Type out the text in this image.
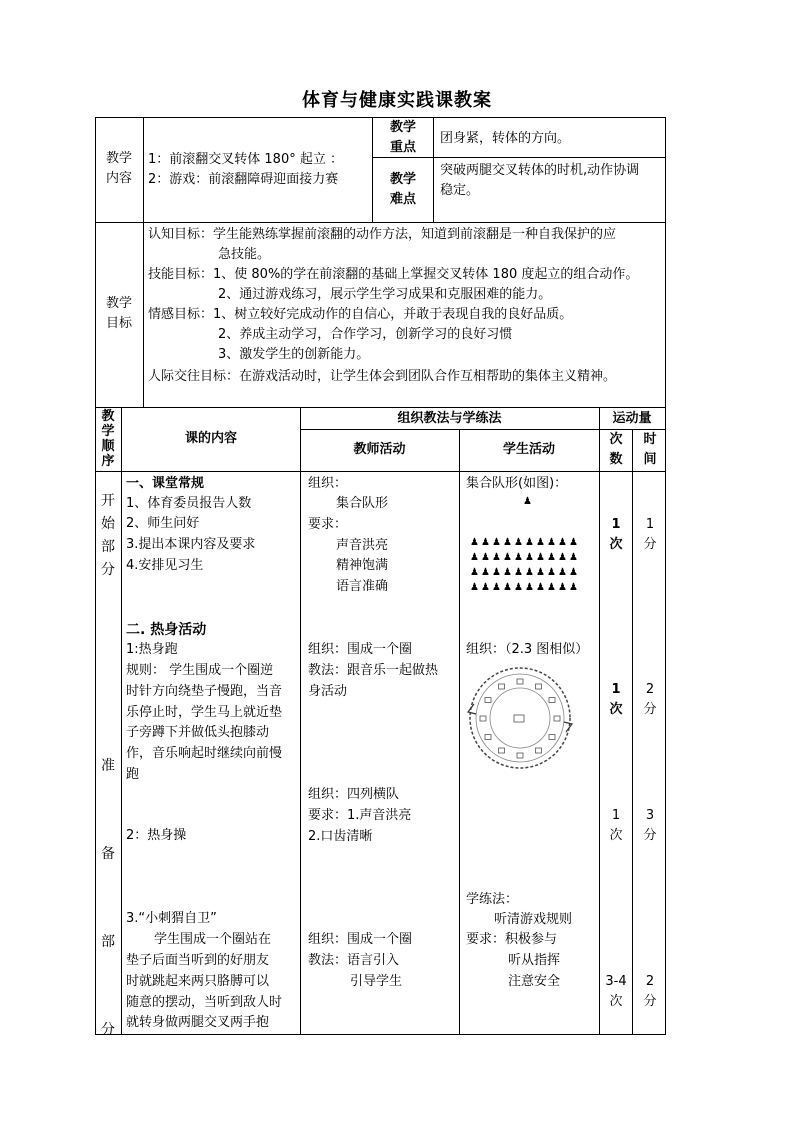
体育与健康实践课教案
教学内容
1：前滚翻交叉转体 180° 起立 ：
2：游戏：前滚翻障碍迎面接力赛
教学重点
团身紧，转体的方向。
教学难点
突破两腿交叉转体的时机,动作协调
稳定。
教学目标
认知目标：学生能熟练掌握前滚翻的动作方法，知道到前滚翻是一种自我保护的应
急技能。
技能目标：1、使 80%的学在前滚翻的基础上掌握交叉转体 180 度起立的组合动作。
2、通过游戏练习，展示学生学习成果和克服困难的能力。
情感目标：1、树立较好完成动作的自信心，并敢于表现自我的良好品质。
2、养成主动学习，合作学习，创新学习的良好习惯
3、激发学生的创新能力。
人际交往目标：在游戏活动时，让学生体会到团队合作互相帮助的集体主义精神。
教学顺序
课的内容
组织教法与学练法
教师活动	学生活动
运动量
次数
时间
开始部分
一、课堂常规
1、体育委员报告人数
2、师生问好
3.提出本课内容及要求
4.安排见习生
组织：
集合队形
要求：
声音洪亮
精神饱满
语言准确
集合队形(如图)：
♟
♟ ♟ ♟ ♟ ♟ ♟ ♟ ♟ ♟ ♟
♟ ♟ ♟ ♟ ♟ ♟ ♟ ♟ ♟ ♟
♟ ♟ ♟ ♟ ♟ ♟ ♟ ♟ ♟ ♟
♟ ♟ ♟ ♟ ♟ ♟ ♟ ♟ ♟ ♟
1 次
1 分
准备部分
二. 热身活动
1:热身跑
规则： 学生围成一个圈逆
时针方向绕垫子慢跑，当音
乐停止时，学生马上就近垫
子旁蹲下并做低头抱膝动
作，音乐响起时继续向前慢
跑
组织：围成一个圈
教法：跟音乐一起做热
身活动
组织：（2.3 图相似）
1 次
2 分
2：热身操
组织：四列横队
要求：1.声音洪亮
2.口齿清晰
1 次
3 分
3.“小刺猬自卫”
学生围成一个圈站在
垫子后面当听到的好朋友
时就跳起来两只胳膊可以
随意的摆动，当听到敌人时
就转身做两腿交叉两手抱
组织：围成一个圈
教法：语言引入
引导学生
学练法：
听清游戏规则
要求：积极参与
听从指挥
注意安全	3-4 次
2 分
